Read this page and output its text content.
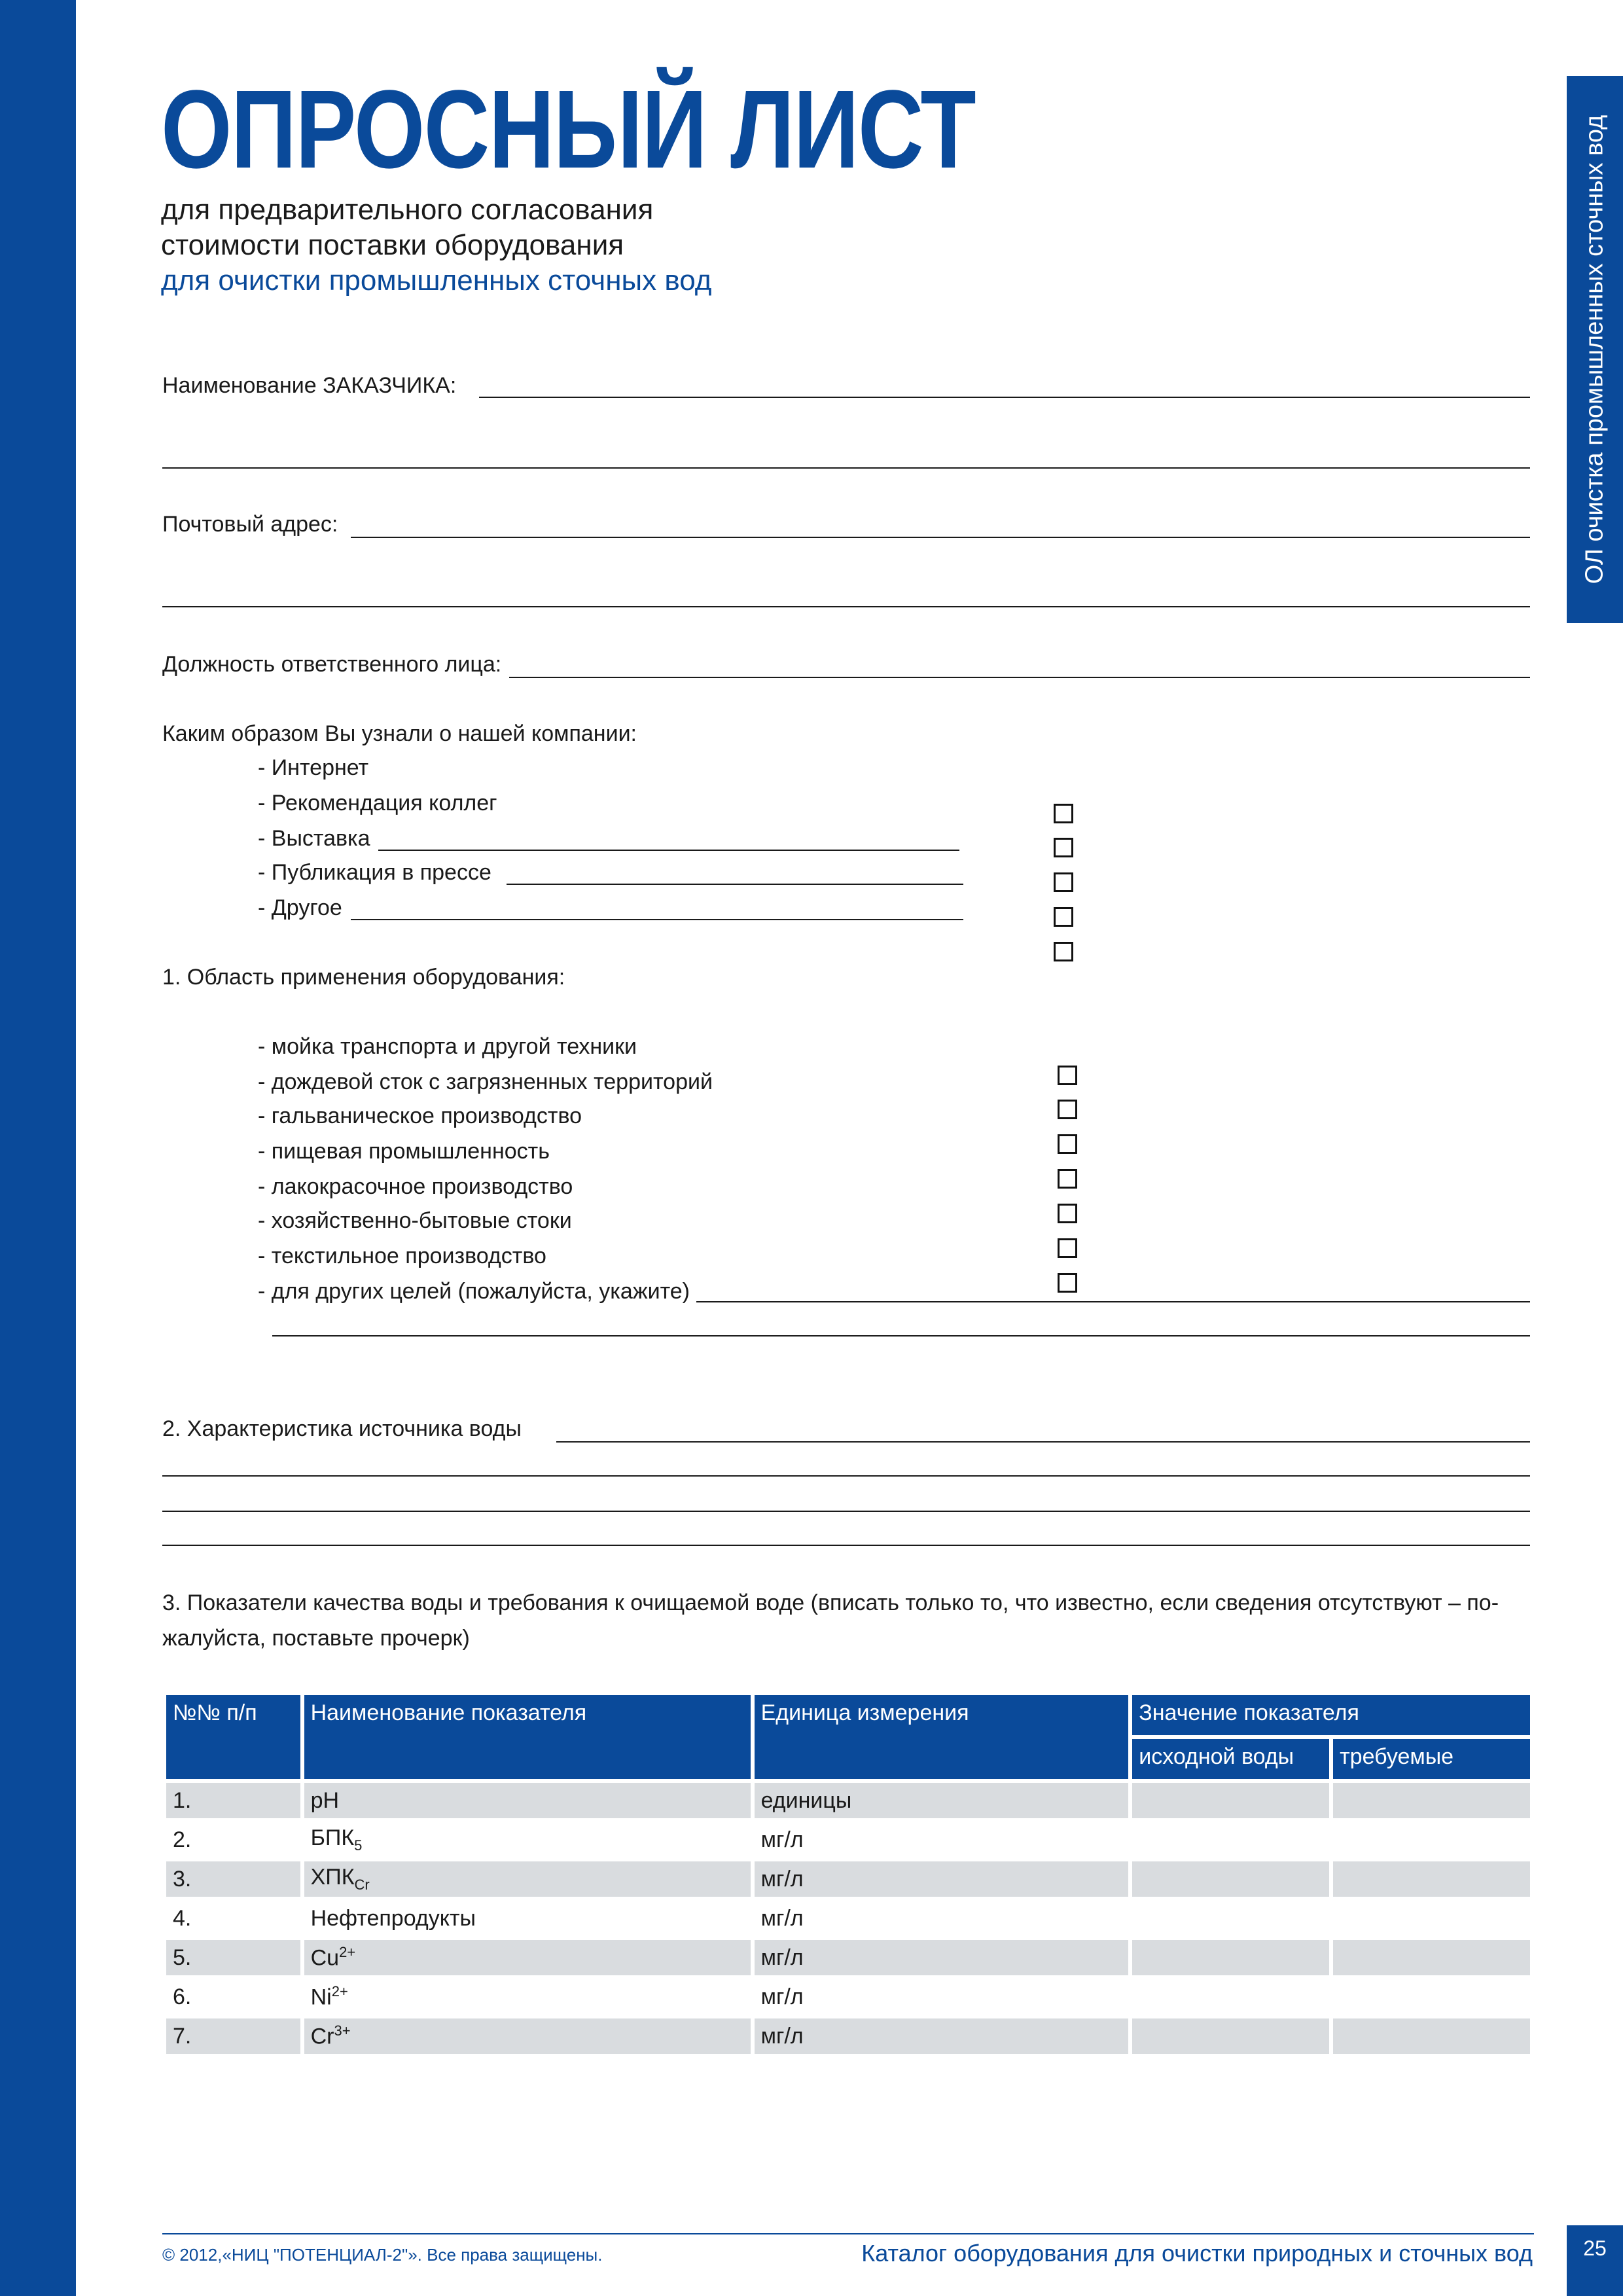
ОЛ очистка промышленных сточных вод
ОПРОСНЫЙ ЛИСТ
для предварительного согласования
стоимости поставки оборудования
для очистки промышленных сточных вод
Наименование ЗАКАЗЧИКА:
Почтовый адрес:
Должность ответственного лица:
Каким образом Вы узнали о нашей компании:
- Интернет
- Рекомендация коллег
- Выставка
- Публикация в прессе
- Другое
1. Область применения оборудования:
- мойка транспорта и другой техники
- дождевой сток с загрязненных территорий
- гальваническое производство
- пищевая промышленность
- лакокрасочное производство
- хозяйственно-бытовые стоки
- текстильное производство
- для других целей (пожалуйста, укажите)
2. Характеристика источника воды
3. Показатели качества воды и требования к очищаемой воде (вписать только то, что известно, если сведения отсутствуют – по-
жалуйста, поставьте прочерк)
№№ п/п	Наименование показателя	Единица измерения	Значение показателя	
			исходной воды	требуемые
1.	pH	единицы		
2.	$БПК_5$	мг/л		
3.	$ХПК_{Cr}$	мг/л		
4.	Нефтепродукты	мг/л		
5.	$Cu^{2+}$	мг/л		
6.	$Ni^{2+}$	мг/л		
7.	$Cr^{3+}$	мг/л		
© 2012,«НИЦ "ПОТЕНЦИАЛ-2"». Все права защищены.	Каталог оборудования для очистки природных и сточных вод	25
